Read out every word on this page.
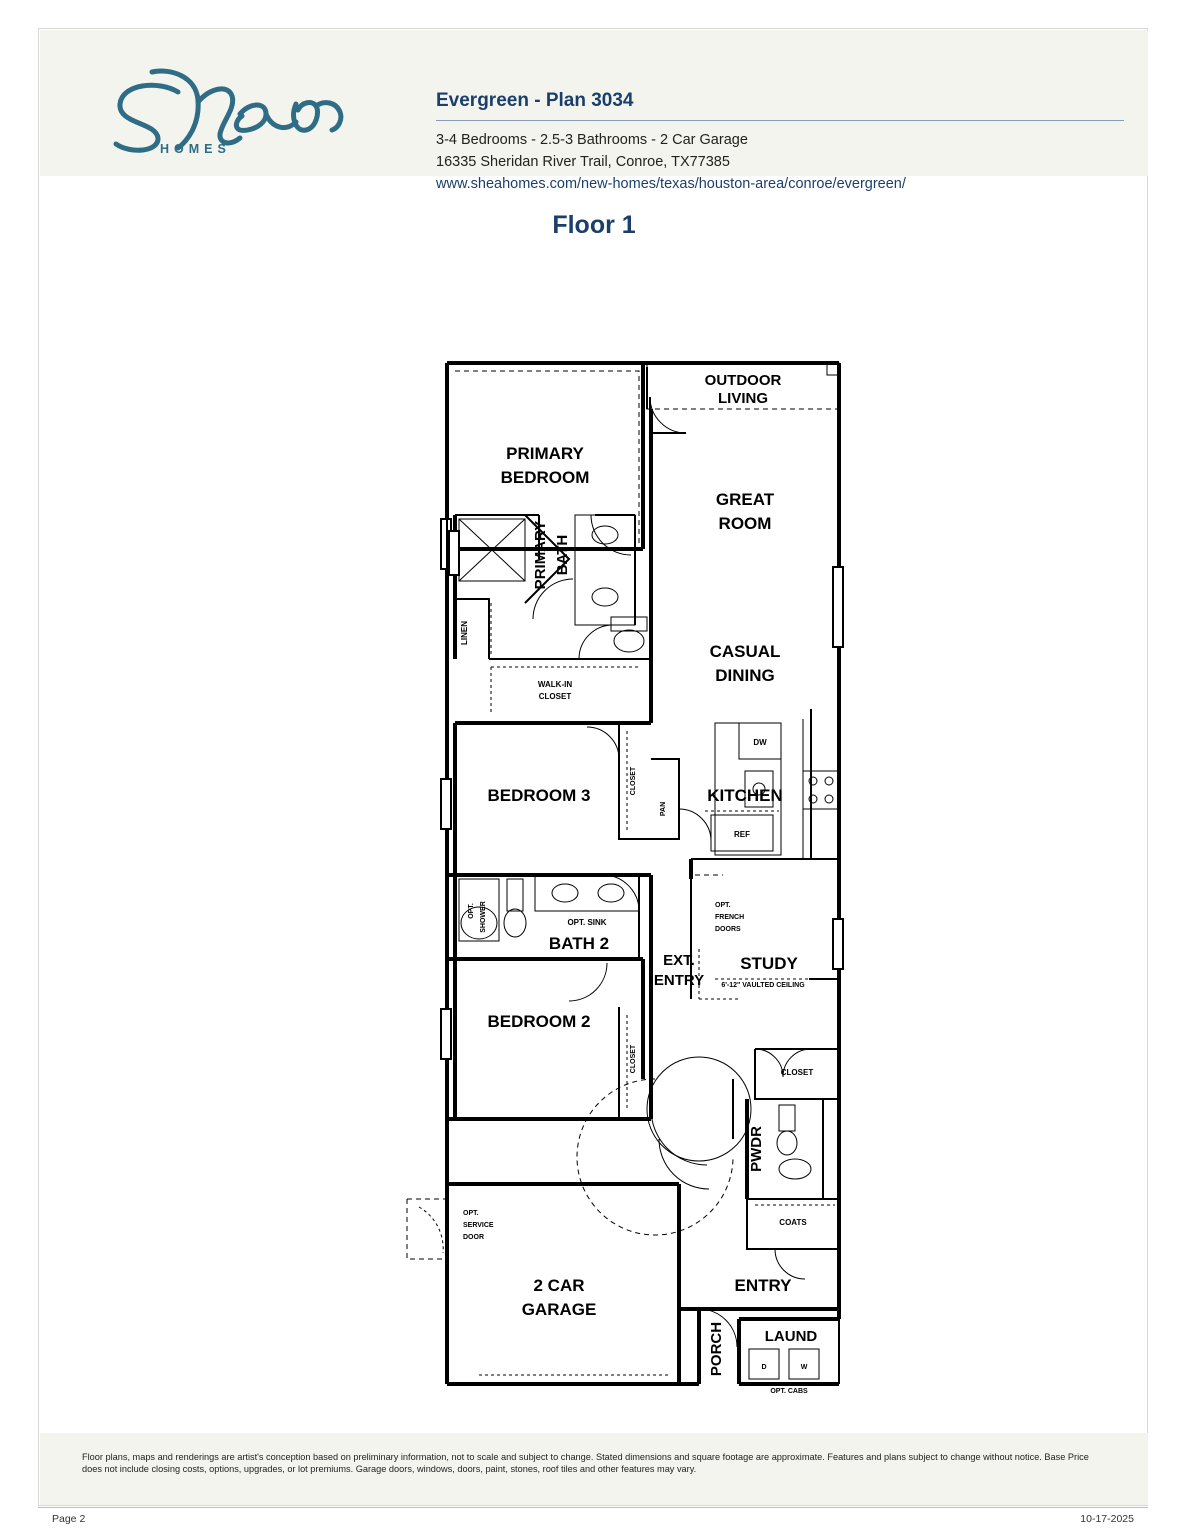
HOMES
Evergreen - Plan 3034
3-4 Bedrooms - 2.5-3 Bathrooms - 2 Car Garage
16335 Sheridan River Trail, Conroe, TX77385
www.sheahomes.com/new-homes/texas/houston-area/conroe/evergreen/
Floor 1
OUTDOOR
LIVING
PRIMARY
BEDROOM
GREAT
ROOM
PRIMARY BATH
LINEN
WALK-IN
CLOSET
CASUAL
DINING
DW
REF
KITCHEN
PAN
BEDROOM 3
CLOSET
OPT. SHOWER	OPT. SINK
BATH 2
EXT.
ENTRY
OPT.
FRENCH
DOORS
STUDY
6'-12" VAULTED CEILING
BEDROOM 2
CLOSET	CLOSET
PWDR
COATS
2 CAR
GARAGE
OPT.
SERVICE
DOOR
ENTRY
PORCH	LAUND
D	W
OPT. CABS

Floor plans, maps and renderings are artist's conception based on preliminary information, not to scale and subject to change. Stated dimensions and square footage are approximate. Features and plans subject to change without notice. Base Price does not include closing costs, options, upgrades, or lot premiums. Garage doors, windows, doors, paint, stones, roof tiles and other features may vary.

Page 2	10-17-2025
